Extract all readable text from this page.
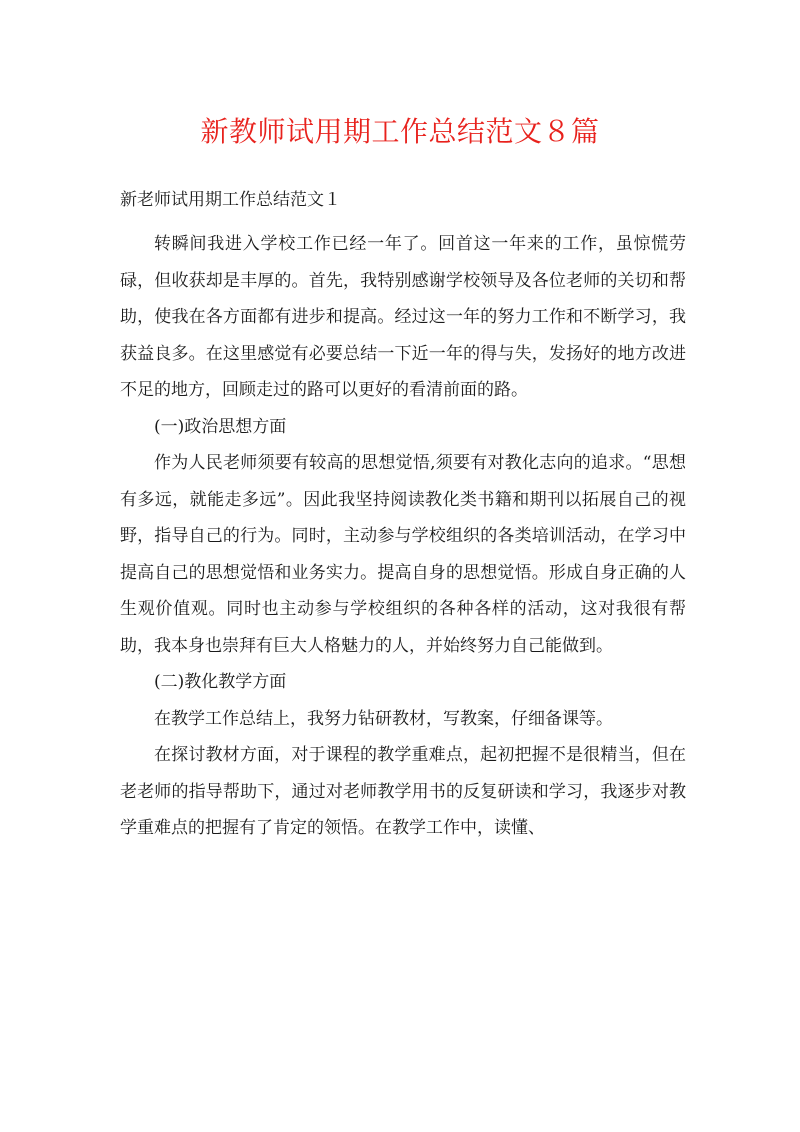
新教师试用期工作总结范文８篇

新老师试用期工作总结范文１

转瞬间我进入学校工作已经一年了。回首这一年来的工作，虽惊慌劳碌，但收获却是丰厚的。首先，我特别感谢学校领导及各位老师的关切和帮助，使我在各方面都有进步和提高。经过这一年的努力工作和不断学习，我获益良多。在这里感觉有必要总结一下近一年的得与失，发扬好的地方改进不足的地方，回顾走过的路可以更好的看清前面的路。

(一)政治思想方面

作为人民老师须要有较高的思想觉悟,须要有对教化志向的追求。“思想有多远，就能走多远”。因此我坚持阅读教化类书籍和期刊以拓展自己的视野，指导自己的行为。同时，主动参与学校组织的各类培训活动，在学习中提高自己的思想觉悟和业务实力。提高自身的思想觉悟。形成自身正确的人生观价值观。同时也主动参与学校组织的各种各样的活动，这对我很有帮助，我本身也崇拜有巨大人格魅力的人，并始终努力自己能做到。

(二)教化教学方面

在教学工作总结上，我努力钻研教材，写教案，仔细备课等。

在探讨教材方面，对于课程的教学重难点，起初把握不是很精当，但在老老师的指导帮助下，通过对老师教学用书的反复研读和学习，我逐步对教学重难点的把握有了肯定的领悟。在教学工作中，读懂、
